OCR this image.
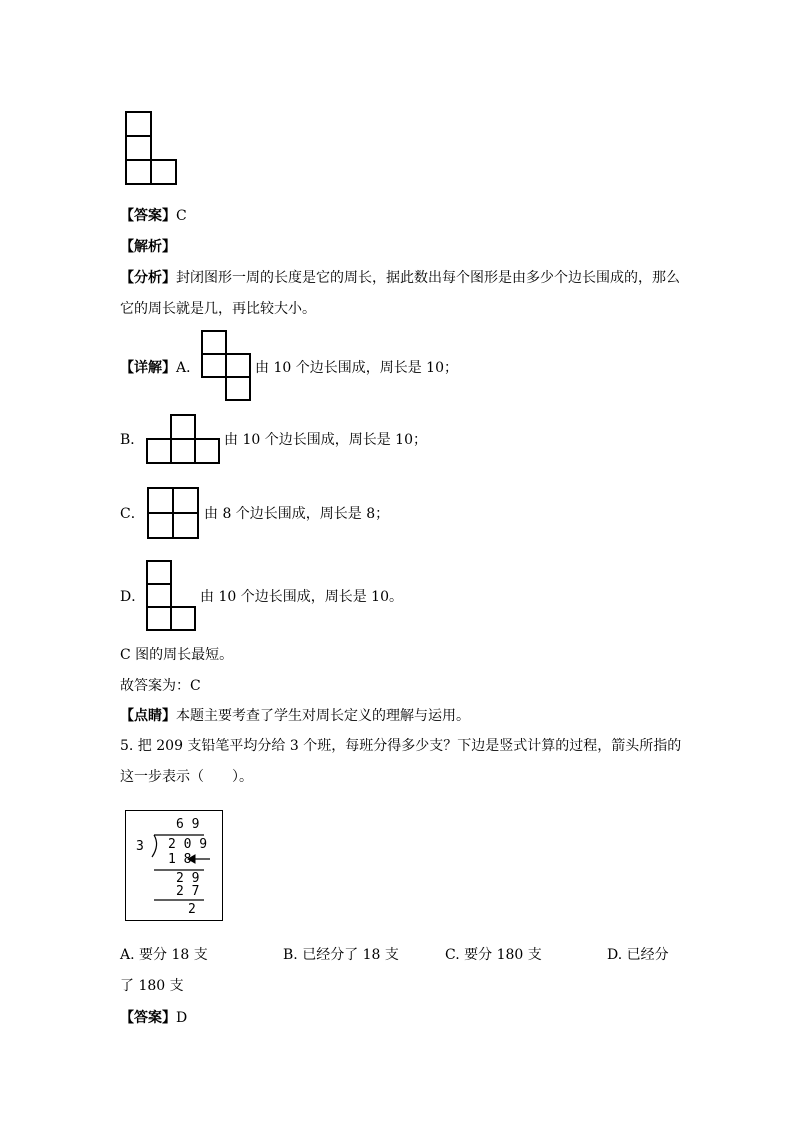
【答案】C
【解析】
【分析】封闭图形一周的长度是它的周长，据此数出每个图形是由多少个边长围成的，那么
它的周长就是几，再比较大小。
【详解】A．	由 10 个边长围成，周长是 10；
B．	由 10 个边长围成，周长是 10；
C．	由 8 个边长围成，周长是 8；
D．	由 10 个边长围成，周长是 10。
C 图的周长最短。
故答案为：C
【点睛】本题主要考查了学生对周长定义的理解与运用。
5. 把 209 支铅笔平均分给 3 个班，每班分得多少支？下边是竖式计算的过程，箭头所指的
这一步表示（　　）。
6 9
3 2 0 9
1 8
2 9
2 7
2
A. 要分 18 支	B. 已经分了 18 支	C. 要分 180 支	D. 已经分
了 180 支
【答案】D
